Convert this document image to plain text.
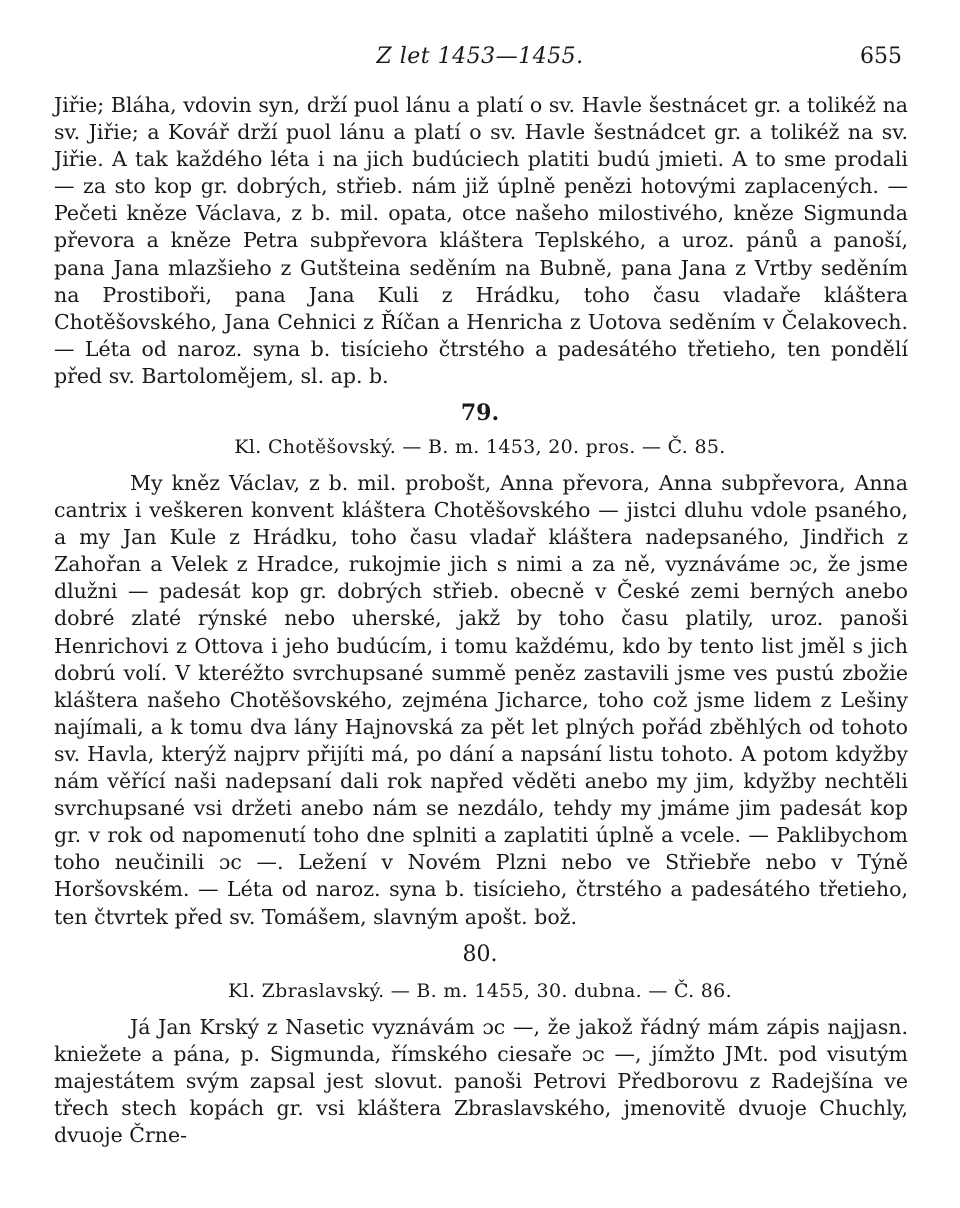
Z let 1453—1455.	655

Jiřie; Bláha, vdovin syn, drží puol lánu a platí o sv. Havle šestnácet gr. a tolikéž na sv. Jiřie; a Kovář drží puol lánu a platí o sv. Havle šestnádcet gr. a tolikéž na sv. Jiřie. A tak každého léta i na jich budúciech platiti budú jmieti. A to sme prodali — za sto kop gr. dobrých, střieb. nám již úplně penězi hotovými zaplacených. — Pečeti kněze Václava, z b. mil. opata, otce našeho milostivého, kněze Sigmunda převora a kněze Petra subpřevora kláštera Teplského, a uroz. pánů a panoší, pana Jana mlazšieho z Gutšteina seděním na Bubně, pana Jana z Vrtby seděním na Prostiboři, pana Jana Kuli z Hrádku, toho času vladaře kláštera Chotěšovského, Jana Cehnici z Říčan a Henricha z Uotova seděním v Čelakovech. — Léta od naroz. syna b. tisícieho čtrstého a padesátého třetieho, ten pondělí před sv. Bartolomějem, sl. ap. b.

79.
Kl. Chotěšovský. — B. m. 1453, 20. pros. — Č. 85.

My kněz Václav, z b. mil. probošt, Anna převora, Anna subpřevora, Anna cantrix i veškeren konvent kláštera Chotěšovského — jistci dluhu vdole psaného, a my Jan Kule z Hrádku, toho času vladař kláštera nadepsaného, Jindřich z Zahořan a Velek z Hradce, rukojmie jich s nimi a za ně, vyznáváme ɔc, že jsme dlužni — padesát kop gr. dobrých střieb. obecně v České zemi berných anebo dobré zlaté rýnské nebo uherské, jakž by toho času platily, uroz. panoši Henrichovi z Ottova i jeho budúcím, i tomu každému, kdo by tento list jměl s jich dobrú volí. V kteréžto svrchupsané summě peněz zastavili jsme ves pustú zbožie kláštera našeho Chotěšovského, zejména Jicharce, toho což jsme lidem z Lešiny najímali, a k tomu dva lány Hajnovská za pět let plných pořád zběhlých od tohoto sv. Havla, kterýž najprv přijíti má, po dání a napsání listu tohoto. A potom kdyžby nám věřící naši nadepsaní dali rok napřed věděti anebo my jim, kdyžby nechtěli svrchupsané vsi držeti anebo nám se nezdálo, tehdy my jmáme jim padesát kop gr. v rok od napomenutí toho dne splniti a zaplatiti úplně a vcele. — Paklibychom toho neučinili ɔc —. Ležení v Novém Plzni nebo ve Střiebře nebo v Týně Horšovském. — Léta od naroz. syna b. tisícieho, čtrstého a padesátého třetieho, ten čtvrtek před sv. Tomášem, slavným apošt. bož.

80.
Kl. Zbraslavský. — B. m. 1455, 30. dubna. — Č. 86.

Já Jan Krský z Nasetic vyznávám ɔc —, že jakož řádný mám zápis najjasn. kniežete a pána, p. Sigmunda, římského ciesaře ɔc —, jímžto JMt. pod visutým majestátem svým zapsal jest slovut. panoši Petrovi Předborovu z Radejšína ve třech stech kopách gr. vsi kláštera Zbraslavského, jmenovitě dvuoje Chuchly, dvuoje Črne-
